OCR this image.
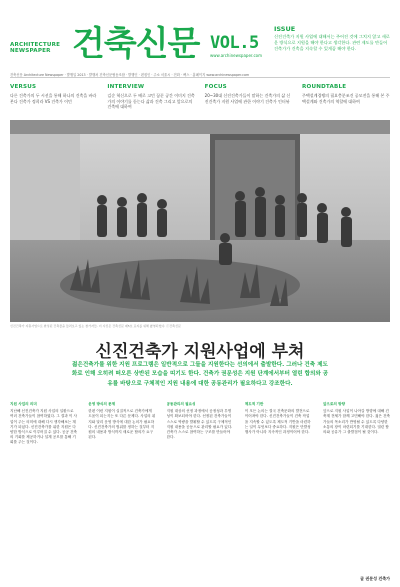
ARCHITECTURE
NEWSPAPER 건축신문 VOL.5
www.archinewspaper.com
ISSUE
신진건축가 지원 사업에 대해서는 주어진 것에 그치지 않고 새로운 방식으로 지원을 해야 한다고 생각한다. 관련 제도를 만들어 건축가가 건축을 지속할 수 있게끔 해야 한다.
건축신문 Architecture Newspaper · 발행일 2013 · 발행처 건축신문협동조합 · 발행인 · 편집인 · 주소 서울시 · 전화 · 팩스 · 홈페이지 www.archinewspaper.com
VERSUS
다른 건축가의 두 시선을 통해 하나의 건축을 바라본다 건축가 정희라 VS 건축가 이민
INTERVIEW
김순 혁신으로 두 배로 고민 꿈꾼 공간 이미지 건축가의 이야기를 듣는다 삶과 건축 그리고 앞으로의 건축에 대하여
FOCUS
20~30대 신진건축가들이 말하는 건축가의 삶 신진건축가 지원 사업에 관한 이야기 건축가 인터뷰
ROUNDTABLE
주택설계경쟁의 필요충분조건 공모전을 통해 본 주택설계와 건축가의 역할에 대하여
신진건축가 지원사업으로 완성된 건축물을 둘러보고 있는 참가자들. 이 사진은 건축신문 제5호 표지를 위해 촬영되었다. ⓒ건축신문
신진건축가 지원사업에 부쳐
젊은건축가를 위한 지원 프로그램은 일반적으로 그들을 지원한다는 선의에서 출발한다. 그러나 건축 제도화로 인해 오히려 떠오른 상반된 모습을 띠기도 한다. 건축가 권문성은 지원 단계에서부터 열린 합의와 공유를 바탕으로 구체적인 지원 내용에 대한 공동관리가 필요하다고 강조한다.
지원 사업의 의미
지난해 신진건축가 지원 사업의 일환으로 여러 건축가들이 참여하였다. 그 결과 이 사업이 주는 의미에 대해 다시 생각해보는 계기가 되었다. 신진건축가를 위한 지원은 다양한 방식으로 이루어질 수 있다. 공공 건축의 기회를 제공하거나 설계 공모를 통해 기회를 주는 것이다.
운영 방식의 문제
한편 이런 지원이 실질적으로 건축가에게 도움이 되는지는 또 다른 문제다. 사업의 취지와 달리 운영 방식에 대한 논의가 필요하다. 신진건축가의 범위를 정하는 것부터 지원의 내용과 방식까지 새로운 합의가 요구된다.
공동관리의 필요성
지원 대상의 선정 과정에서 공정성과 투명성이 확보되어야 한다. 선정된 건축가들이 스스로 역량을 발휘할 수 있도록 구체적인 지원 내용을 공동으로 관리할 필요가 있다. 건축가 스스로 참여하는 구조를 만들어야 한다.
제도적 기반
이 모든 논의는 결국 건축문화의 발전으로 이어져야 한다. 신진건축가들이 건축 작업을 지속할 수 있도록 제도적 기반을 마련하는 일이 무엇보다 중요하다. 지원은 단발성 행사가 아니라 지속적인 과정이어야 한다.
앞으로의 방향
앞으로 지원 사업이 나아갈 방향에 대해 건축계 전체가 함께 고민해야 한다. 젊은 건축가들의 목소리가 반영될 수 있도록 다양한 소통의 장이 마련되기를 기대한다. 열린 합의와 공유가 그 출발점이 될 것이다.
글 권문성 건축가
